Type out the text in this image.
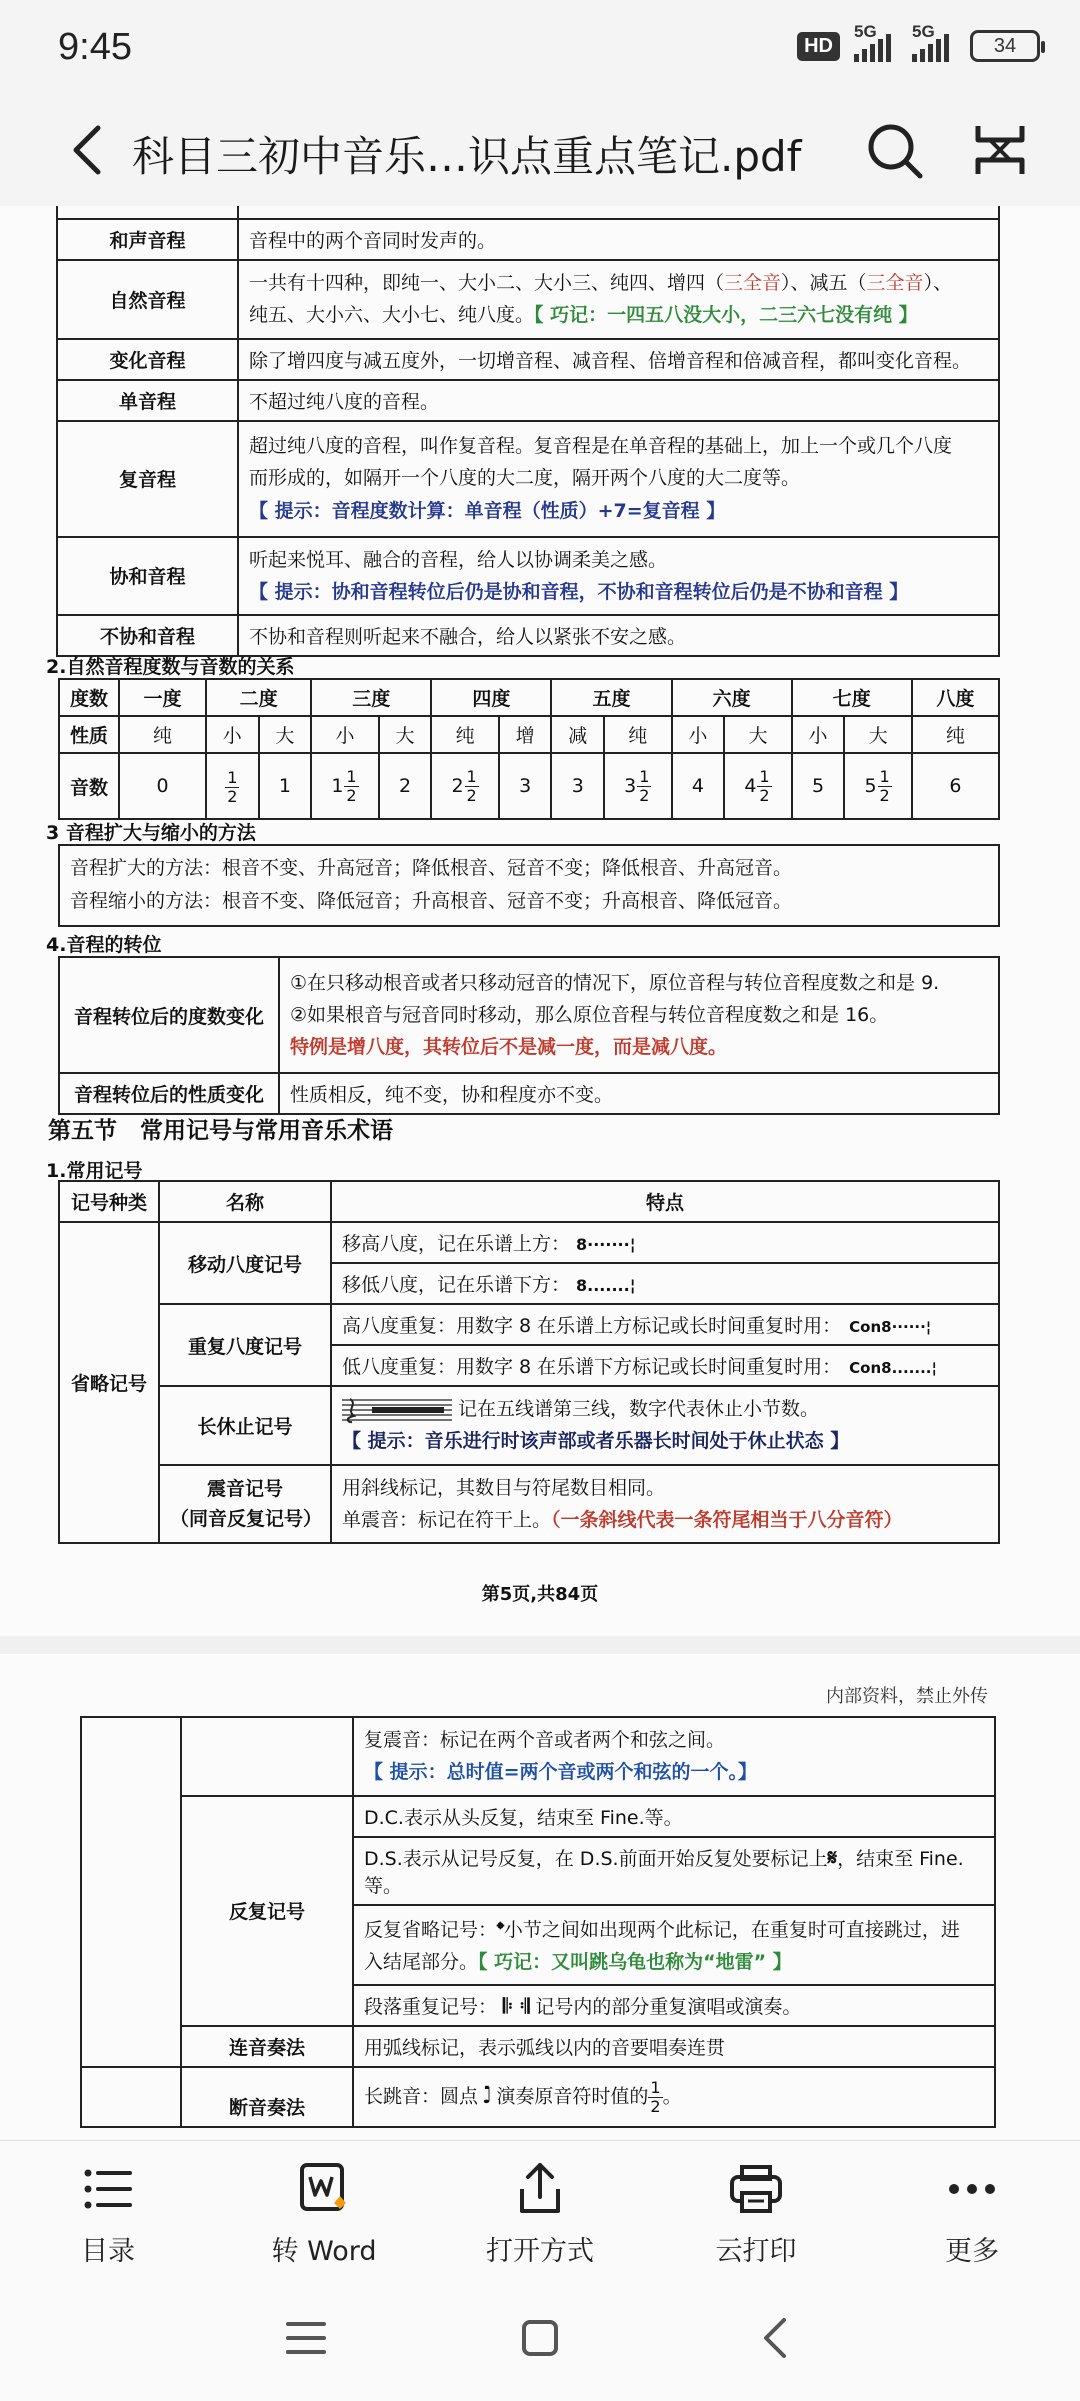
9:45	HD
5G 5G
34
科目三初中音乐…识点重点笔记.pdf

和声音程	音程中的两个音同时发声的。
自然音程	一共有十四种，即纯一、大小二、大小三、纯四、增四（三全音）、减五（三全音）、
纯五、大小六、大小七、纯八度。【 巧记：一四五八没大小，二三六七没有纯 】
变化音程	除了增四度与减五度外，一切增音程、减音程、倍增音程和倍减音程，都叫变化音程。
单音程	不超过纯八度的音程。
复音程	超过纯八度的音程，叫作复音程。复音程是在单音程的基础上，加上一个或几个八度
而形成的，如隔开一个八度的大二度，隔开两个八度的大二度等。
【 提示：音程度数计算：单音程（性质）+7=复音程 】
协和音程	听起来悦耳、融合的音程，给人以协调柔美之感。
【 提示：协和音程转位后仍是协和音程，不协和音程转位后仍是不协和音程 】
不协和音程	不协和音程则听起来不融合，给人以紧张不安之感。
2.自然音程度数与音数的关系
度数	一度	二度		三度		四度		五度		六度		七度		八度
性质	纯	小	大	小	大	纯	增	减	纯	小	大	小	大	纯
音数	0	$\frac{1}{2}$	1	$1 \frac{1}{2}$	2	$2 \frac{1}{2}$	3	3	$3 \frac{1}{2}$	4	$4 \frac{1}{2}$	5	$5 \frac{1}{2}$	6
3 音程扩大与缩小的方法
音程扩大的方法：根音不变、升高冠音；降低根音、冠音不变；降低根音、升高冠音。
音程缩小的方法：根音不变、降低冠音；升高根音、冠音不变；升高根音、降低冠音。
4.音程的转位
音程转位后的度数变化	①在只移动根音或者只移动冠音的情况下，原位音程与转位音程度数之和是 9.
②如果根音与冠音同时移动，那么原位音程与转位音程度数之和是 16。
特例是增八度，其转位后不是减一度，而是减八度。
音程转位后的性质变化	性质相反，纯不变，协和程度亦不变。
第五节　常用记号与常用音乐术语
1.常用记号
记号种类	名称	特点
省略记号	移动八度记号	移高八度，记在乐谱上方： 8·······¦
		移低八度，记在乐谱下方： 8.......¦
	重复八度记号	高八度重复：用数字 8 在乐谱上方标记或长时间重复时用： Con8······¦
		低八度重复：用数字 8 在乐谱下方标记或长时间重复时用： Con8.......¦
	长休止记号	记在五线谱第三线，数字代表休止小节数。
【 提示：音乐进行时该声部或者乐器长时间处于休止状态 】

	震音记号
（同音反复记号）	用斜线标记，其数目与符尾数目相同。
单震音：标记在符干上。（一条斜线代表一条符尾相当于八分音符）

第5页,共84页
内部资料，禁止外传
		复震音：标记在两个音或者两个和弦之间。
【 提示：总时值=两个音或两个和弦的一个。】
	反复记号	D.C.表示从头反复，结束至 Fine.等。
		D.S.表示从记号反复，在 D.S.前面开始反复处要标记上𝄋，结束至 Fine.等。
		反复省略记号：𝄌小节之间如出现两个此标记，在重复时可直接跳过，进
入结尾部分。【 巧记：又叫跳乌龟也称为“地雷” 】
		段落重复记号： 𝄆 𝄇 记号内的部分重复演唱或演奏。
	连音奏法	用弧线标记，表示弧线以内的音要唱奏连贯
	断音奏法	长跳音：圆点 ♩̇ 演奏原音符时值的 $\frac{1}{2}$ 。
目录	转 Word	打开方式	云打印	更多
